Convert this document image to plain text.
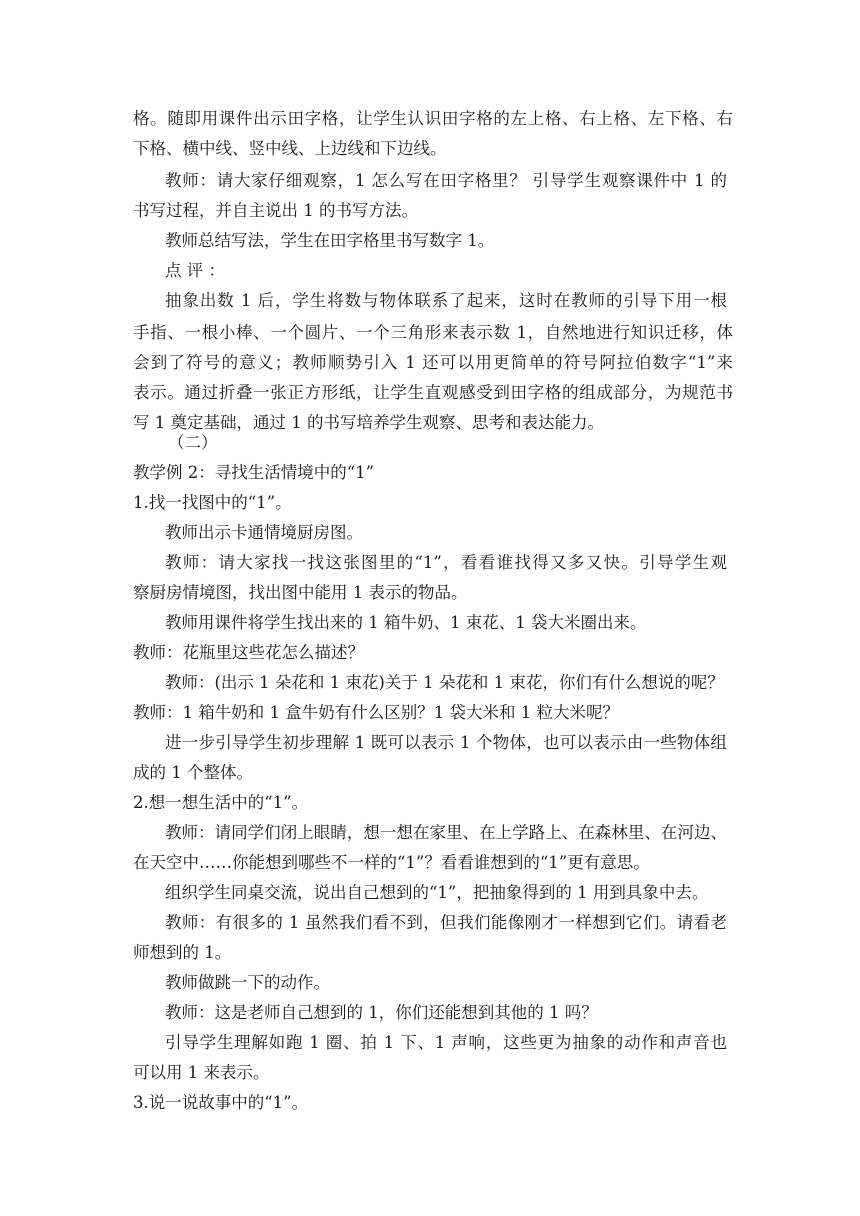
格。随即用课件出示田字格，让学生认识田字格的左上格、右上格、左下格、右
下格、横中线、竖中线、上边线和下边线。
教师：请大家仔细观察，1 怎么写在田字格里？ 引导学生观察课件中 1 的
书写过程，并自主说出 1 的书写方法。
教师总结写法，学生在田字格里书写数字 1。
点 评 ：
抽象出数 1 后，学生将数与物体联系了起来，这时在教师的引导下用一根
手指、一根小棒、一个圆片、一个三角形来表示数 1，自然地进行知识迁移，体
会到了符号的意义；教师顺势引入 1 还可以用更简单的符号阿拉伯数字“1”来
表示。通过折叠一张正方形纸，让学生直观感受到田字格的组成部分，为规范书
写 1 奠定基础，通过 1 的书写培养学生观察、思考和表达能力。
（二）
教学例 2：寻找生活情境中的“1”
1.找一找图中的“1”。
教师出示卡通情境厨房图。
教师：请大家找一找这张图里的“1”，看看谁找得又多又快。引导学生观
察厨房情境图，找出图中能用 1 表示的物品。
教师用课件将学生找出来的 1 箱牛奶、1 束花、1 袋大米圈出来。
教师：花瓶里这些花怎么描述？
教师：(出示 1 朵花和 1 束花)关于 1 朵花和 1 束花，你们有什么想说的呢？
教师：1 箱牛奶和 1 盒牛奶有什么区别？1 袋大米和 1 粒大米呢？
进一步引导学生初步理解 1 既可以表示 1 个物体，也可以表示由一些物体组
成的 1 个整体。
2.想一想生活中的“1”。
教师：请同学们闭上眼睛，想一想在家里、在上学路上、在森林里、在河边、
在天空中……你能想到哪些不一样的“1”？看看谁想到的“1”更有意思。
组织学生同桌交流，说出自己想到的“1”，把抽象得到的 1 用到具象中去。
教师：有很多的 1 虽然我们看不到，但我们能像刚才一样想到它们。请看老
师想到的 1。
教师做跳一下的动作。
教师：这是老师自己想到的 1，你们还能想到其他的 1 吗？
引导学生理解如跑 1 圈、拍 1 下、1 声响，这些更为抽象的动作和声音也
可以用 1 来表示。
3.说一说故事中的“1”。
